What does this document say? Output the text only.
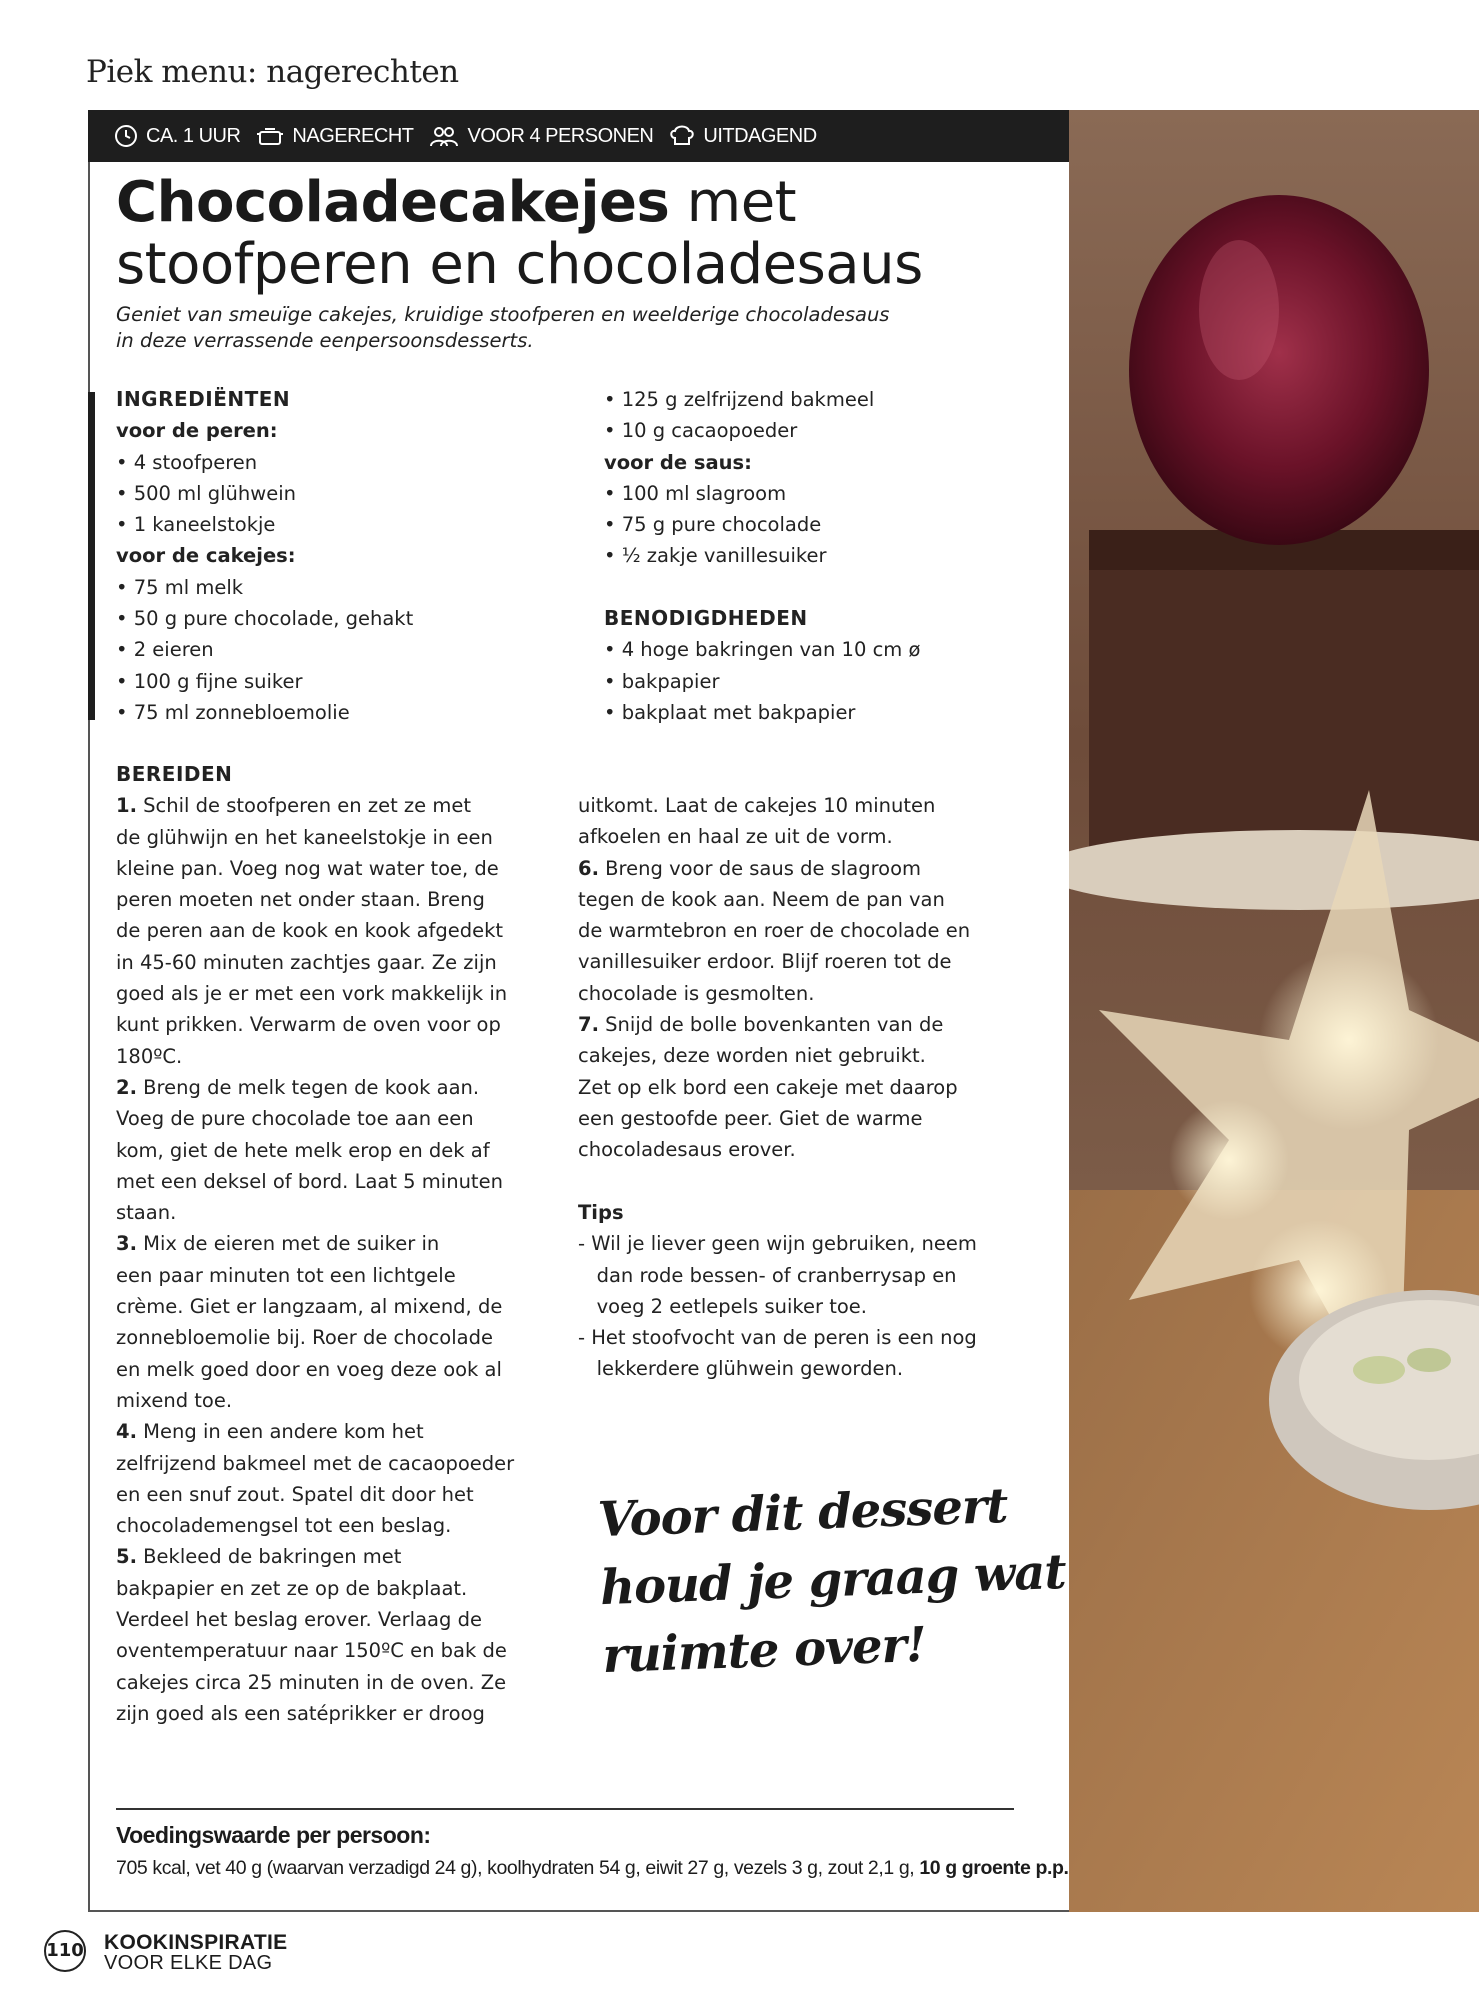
Piek menu: nagerechten
CA. 1 UUR	NAGERECHT	VOOR 4 PERSONEN	UITDAGEND
Chocoladecakejes met
stoofperen en chocoladesaus
Geniet van smeuïge cakejes, kruidige stoofperen en weelderige chocoladesaus
in deze verrassende eenpersoonsdesserts.
INGREDIËNTEN
voor de peren:
• 4 stoofperen
• 500 ml glühwein
• 1 kaneelstokje
voor de cakejes:
• 75 ml melk
• 50 g pure chocolade, gehakt
• 2 eieren
• 100 g fijne suiker
• 75 ml zonnebloemolie
• 125 g zelfrijzend bakmeel
• 10 g cacaopoeder
voor de saus:
• 100 ml slagroom
• 75 g pure chocolade
• ½ zakje vanillesuiker
BENODIGDHEDEN
• 4 hoge bakringen van 10 cm ø
• bakpapier
• bakplaat met bakpapier
BEREIDEN
1. Schil de stoofperen en zet ze met
de glühwijn en het kaneelstokje in een
kleine pan. Voeg nog wat water toe, de
peren moeten net onder staan. Breng
de peren aan de kook en kook afgedekt
in 45-60 minuten zachtjes gaar. Ze zijn
goed als je er met een vork makkelijk in
kunt prikken. Verwarm de oven voor op
180ºC.
2. Breng de melk tegen de kook aan.
Voeg de pure chocolade toe aan een
kom, giet de hete melk erop en dek af
met een deksel of bord. Laat 5 minuten
staan.
3. Mix de eieren met de suiker in
een paar minuten tot een lichtgele
crème. Giet er langzaam, al mixend, de
zonnebloemolie bij. Roer de chocolade
en melk goed door en voeg deze ook al
mixend toe.
4. Meng in een andere kom het
zelfrijzend bakmeel met de cacaopoeder
en een snuf zout. Spatel dit door het
chocolademengsel tot een beslag.
5. Bekleed de bakringen met
bakpapier en zet ze op de bakplaat.
Verdeel het beslag erover. Verlaag de
oventemperatuur naar 150ºC en bak de
cakejes circa 25 minuten in de oven. Ze
zijn goed als een satéprikker er droog
uitkomt. Laat de cakejes 10 minuten
afkoelen en haal ze uit de vorm.
6. Breng voor de saus de slagroom
tegen de kook aan. Neem de pan van
de warmtebron en roer de chocolade en
vanillesuiker erdoor. Blijf roeren tot de
chocolade is gesmolten.
7. Snijd de bolle bovenkanten van de
cakejes, deze worden niet gebruikt.
Zet op elk bord een cakeje met daarop
een gestoofde peer. Giet de warme
chocoladesaus erover.
Tips
- Wil je liever geen wijn gebruiken, neem
dan rode bessen- of cranberrysap en
voeg 2 eetlepels suiker toe.
- Het stoofvocht van de peren is een nog
lekkerdere glühwein geworden.
Voor dit dessert
houd je graag wat
ruimte over!
Voedingswaarde per persoon:
705 kcal, vet 40 g (waarvan verzadigd 24 g), koolhydraten 54 g, eiwit 27 g, vezels 3 g, zout 2,1 g, 10 g groente p.p.
110 KOOKINSPIRATIE
VOOR ELKE DAG
